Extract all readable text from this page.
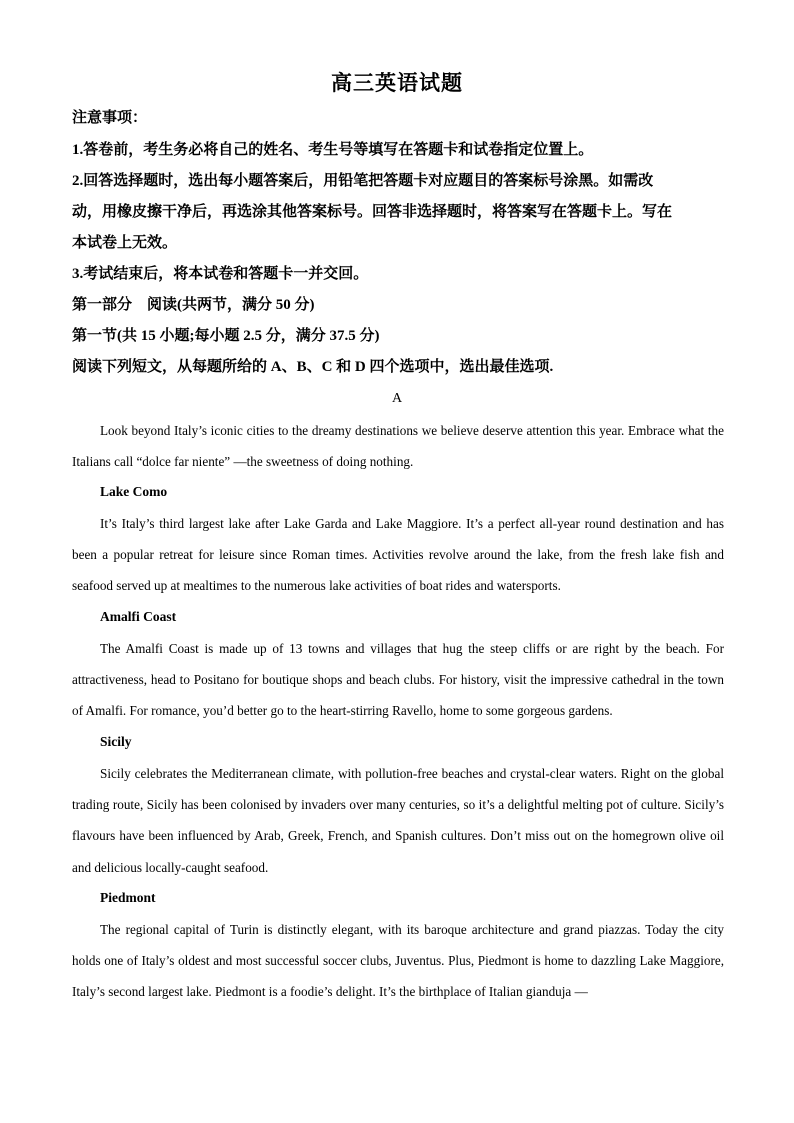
高三英语试题
注意事项：
1.答卷前，考生务必将自己的姓名、考生号等填写在答题卡和试卷指定位置上。
2.回答选择题时，选出每小题答案后，用铅笔把答题卡对应题目的答案标号涂黑。如需改
动，用橡皮擦干净后，再选涂其他答案标号。回答非选择题时，将答案写在答题卡上。写在
本试卷上无效。
3.考试结束后，将本试卷和答题卡一并交回。
第一部分　阅读(共两节，满分 50 分)
第一节(共 15 小题;每小题 2.5 分，满分 37.5 分)
阅读下列短文，从每题所给的 A、B、C 和 D 四个选项中，选出最佳选项.
A
Look beyond Italy’s iconic cities to the dreamy destinations we believe deserve attention this year. Embrace what the Italians call “dolce far niente” —the sweetness of doing nothing.
Lake Como
It’s Italy’s third largest lake after Lake Garda and Lake Maggiore. It’s a perfect all-year round destination and has been a popular retreat for leisure since Roman times. Activities revolve around the lake, from the fresh lake fish and seafood served up at mealtimes to the numerous lake activities of boat rides and watersports.
Amalfi Coast
The Amalfi Coast is made up of 13 towns and villages that hug the steep cliffs or are right by the beach. For attractiveness, head to Positano for boutique shops and beach clubs. For history, visit the impressive cathedral in the town of Amalfi. For romance, you’d better go to the heart-stirring Ravello, home to some gorgeous gardens.
Sicily
Sicily celebrates the Mediterranean climate, with pollution-free beaches and crystal-clear waters. Right on the global trading route, Sicily has been colonised by invaders over many centuries, so it’s a delightful melting pot of culture. Sicily’s flavours have been influenced by Arab, Greek, French, and Spanish cultures. Don’t miss out on the homegrown olive oil and delicious locally-caught seafood.
Piedmont
The regional capital of Turin is distinctly elegant, with its baroque architecture and grand piazzas. Today the city holds one of Italy’s oldest and most successful soccer clubs, Juventus. Plus, Piedmont is home to dazzling Lake Maggiore, Italy’s second largest lake. Piedmont is a foodie’s delight. It’s the birthplace of Italian gianduja —
